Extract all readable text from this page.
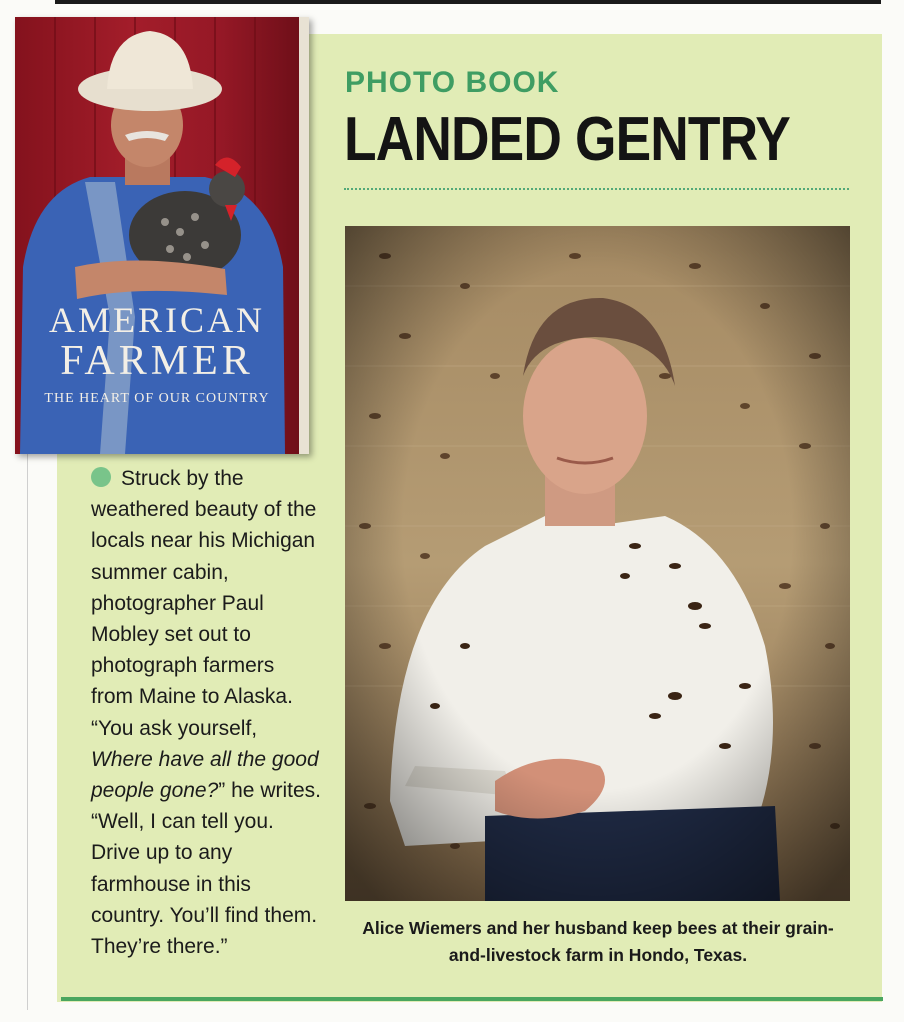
PHOTO BOOK

LANDED GENTRY

AMERICAN

FARMER

THE HEART OF OUR COUNTRY

Struck by the weathered beauty of the locals near his Michigan summer cabin, photographer Paul Mobley set out to photograph farmers from Maine to Alaska. “You ask yourself, Where have all the good people gone?” he writes. “Well, I can tell you. Drive up to any farmhouse in this country. You’ll find them. They’re there.”

Alice Wiemers and her husband keep bees at their grain-and-livestock farm in Hondo, Texas.
